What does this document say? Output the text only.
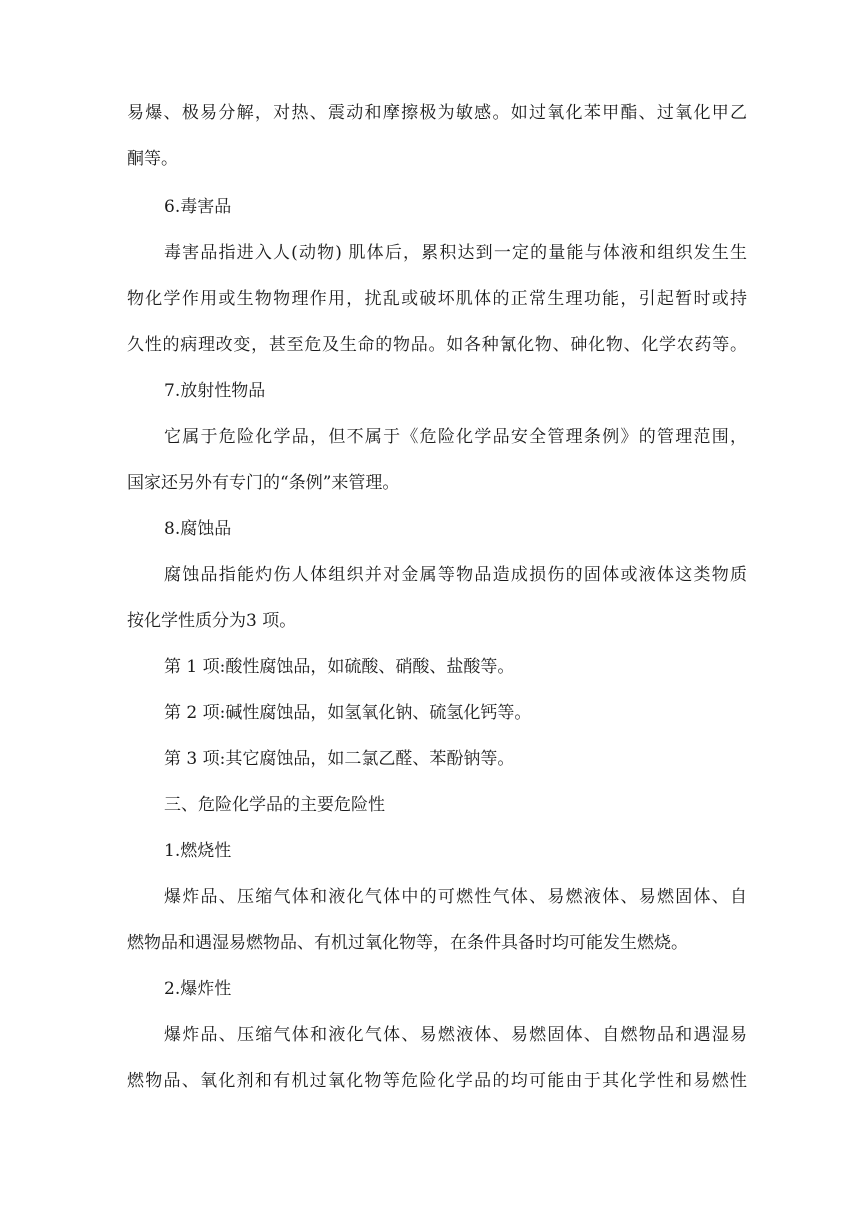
易爆、极易分解，对热、震动和摩擦极为敏感。如过氧化苯甲酯、过氧化甲乙
酮等。
6.毒害品
毒害品指进入人(动物) 肌体后，累积达到一定的量能与体液和组织发生生
物化学作用或生物物理作用，扰乱或破坏肌体的正常生理功能，引起暂时或持
久性的病理改变，甚至危及生命的物品。如各种氰化物、砷化物、化学农药等。
7.放射性物品
它属于危险化学品，但不属于《危险化学品安全管理条例》的管理范围，
国家还另外有专门的“条例”来管理。
8.腐蚀品
腐蚀品指能灼伤人体组织并对金属等物品造成损伤的固体或液体这类物质
按化学性质分为3 项。
第 1 项:酸性腐蚀品，如硫酸、硝酸、盐酸等。
第 2 项:碱性腐蚀品，如氢氧化钠、硫氢化钙等。
第 3 项:其它腐蚀品，如二氯乙醛、苯酚钠等。
三、危险化学品的主要危险性
1.燃烧性
爆炸品、压缩气体和液化气体中的可燃性气体、易燃液体、易燃固体、自
燃物品和遇湿易燃物品、有机过氧化物等，在条件具备时均可能发生燃烧。
2.爆炸性
爆炸品、压缩气体和液化气体、易燃液体、易燃固体、自燃物品和遇湿易
燃物品、氧化剂和有机过氧化物等危险化学品的均可能由于其化学性和易燃性
